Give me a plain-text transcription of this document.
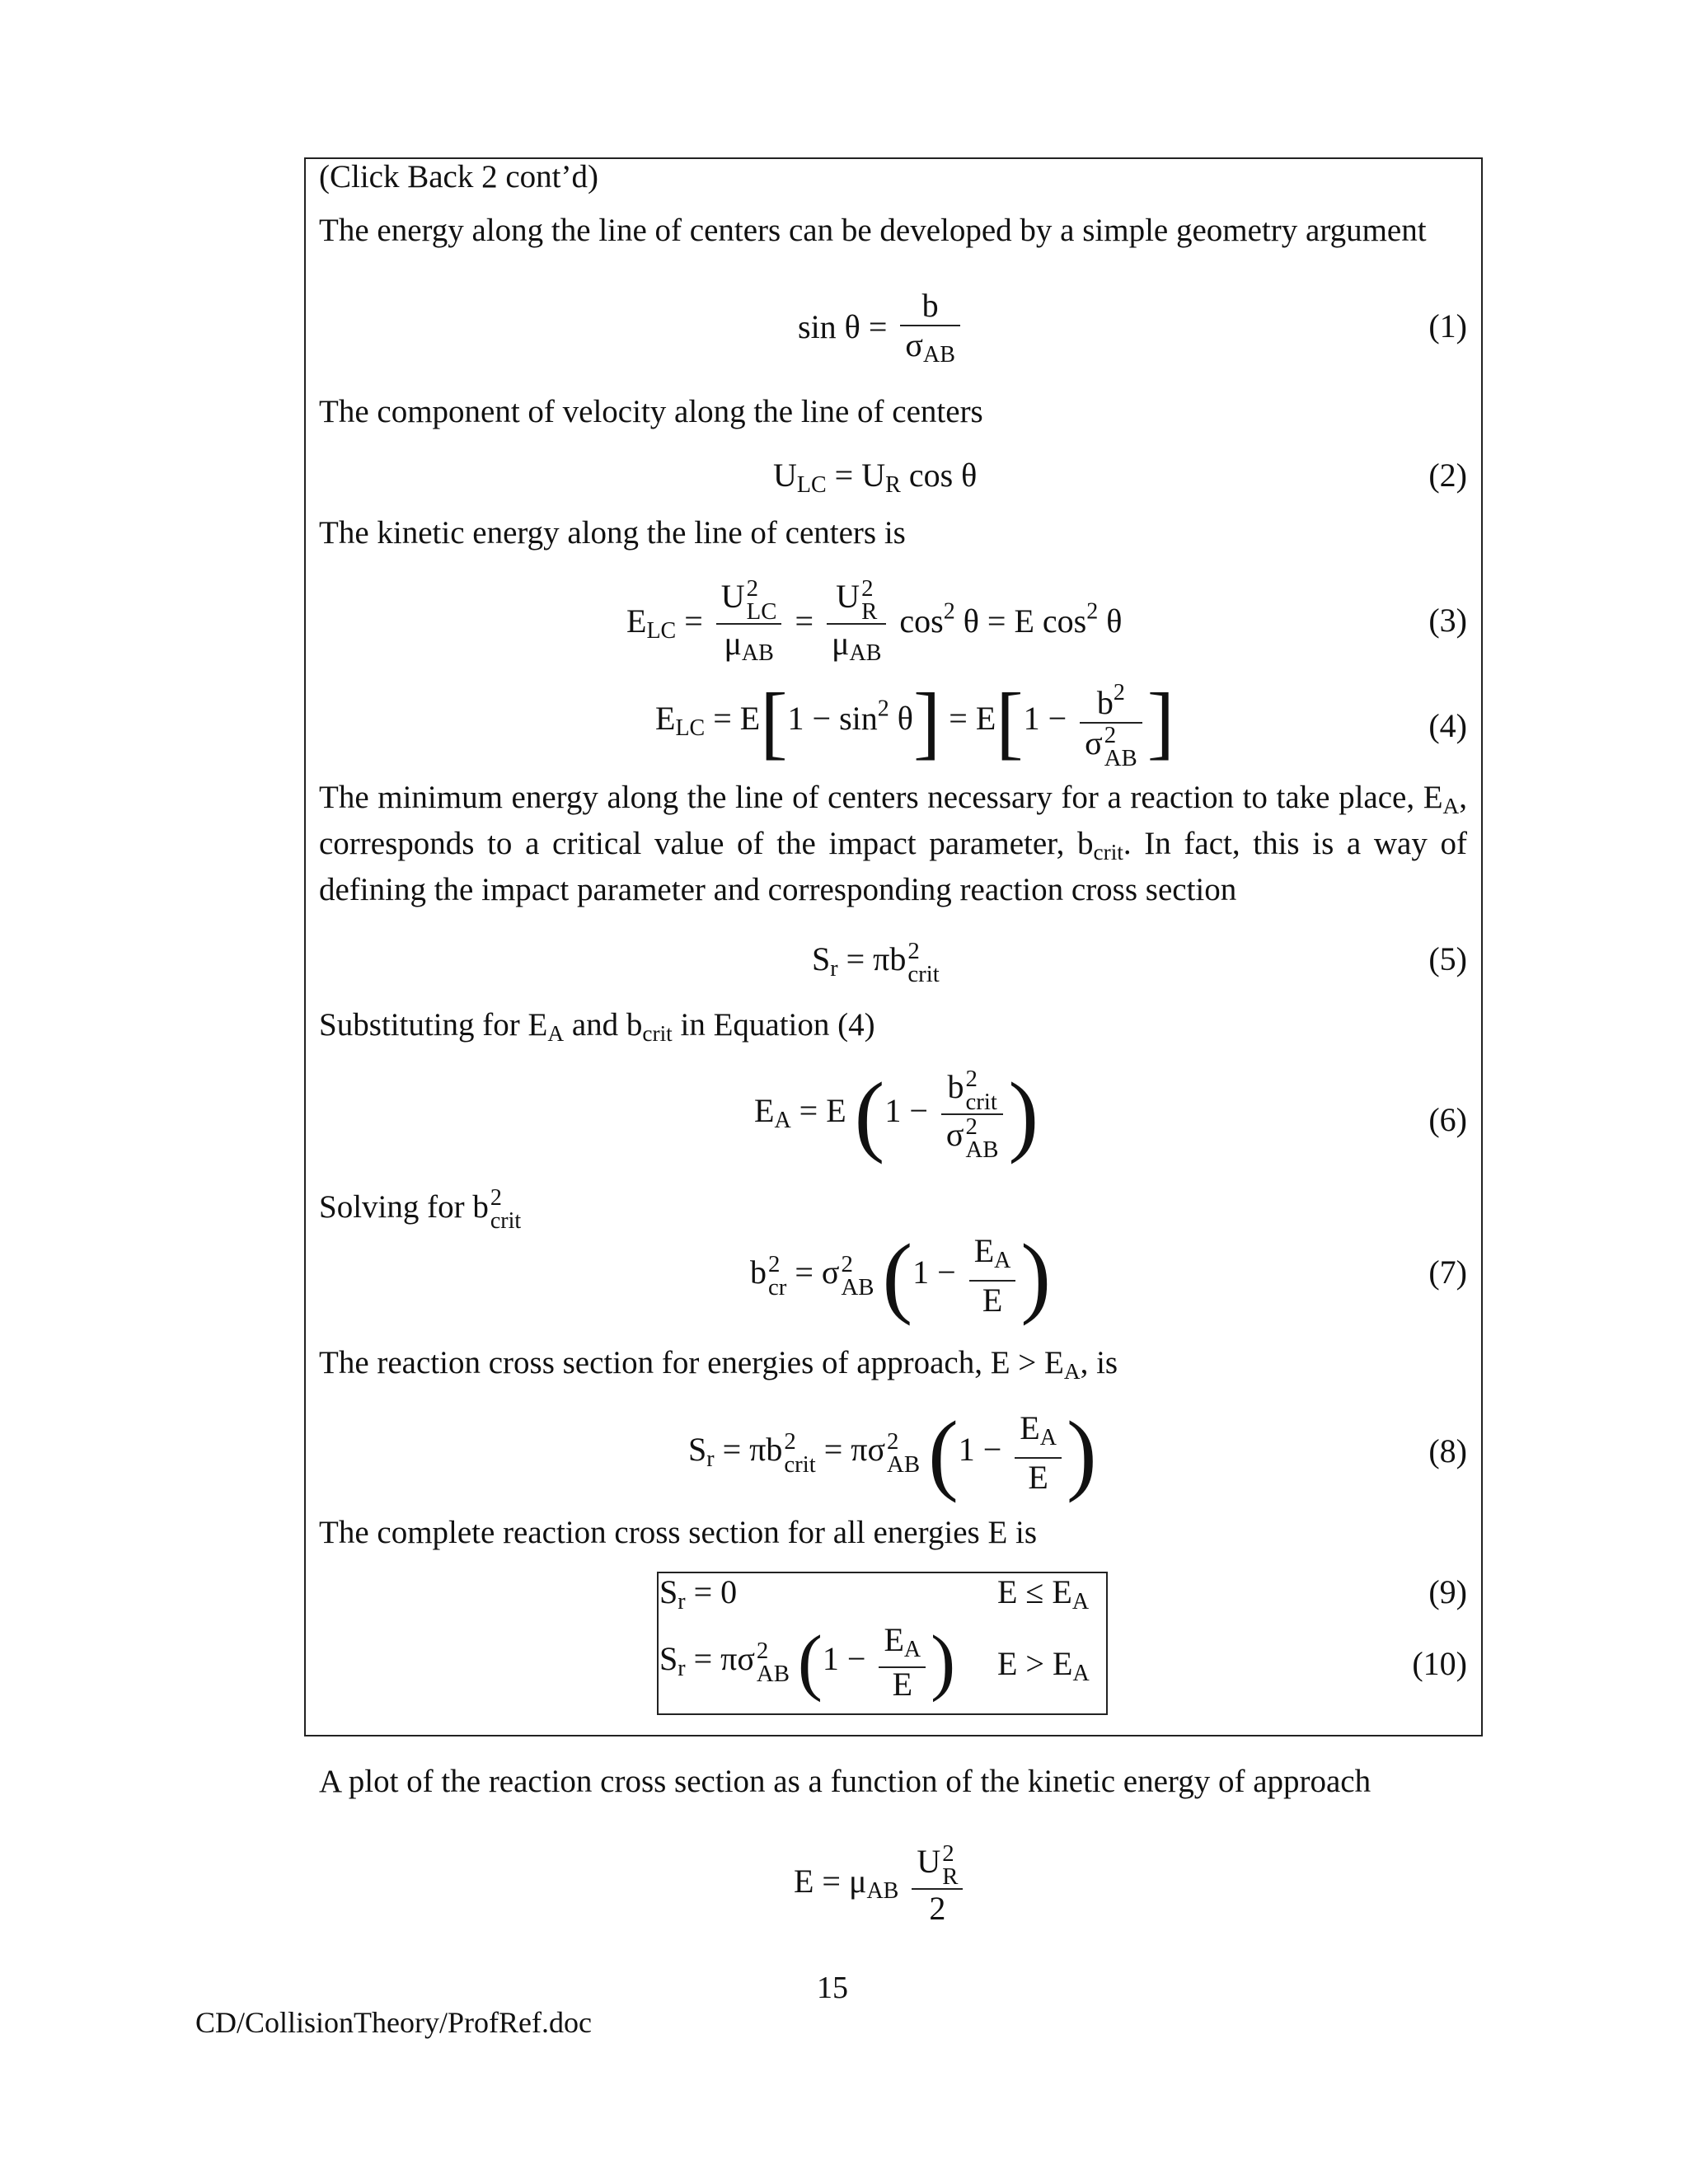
(Click Back 2 cont’d)
The energy along the line of centers can be developed by a simple geometry argument
$\sin \theta = \frac{b}{\sigma_{AB}}$	(1)
The component of velocity along the line of centers
$U_{LC} = U_R$ cos θ	(2)
The kinetic energy along the line of centers is
$E_{LC}$ =
U2
LC
$\mu_{AB}$
=
U2
R
$\mu_{AB}$
$\cos^2 \theta = E$ $\cos^2 \theta$	(3)
$E_{LC} = E[1 - \sin^2 \theta] = E[1 - b^2$
σ2
AB ]	(4)
The minimum energy along the line of centers necessary for a reaction to take place, $E_A$, corresponds to a critical value of the impact parameter, $b_{crit}$. In fact, this is a way of defining the impact parameter and corresponding reaction cross section
$S_r = \pi b2$
crit	(5)
Substituting for $E_A$ and $b_{crit}$ in Equation (4)
$E_A = E$ (1 −
b2
crit
σ2
AB )	(6)
Solving for b2
crit
b2
cr = σ2
AB ($1 - \frac{E_A}{E}$ )	(7)
The reaction cross section for energies of approach, $E > E_A$, is
$S_r = \pi b2$
crit = πσ2
AB ($1 - \frac{E_A}{E}$ )	(8)
The complete reaction cross section for all energies E is
$S_r = 0$	$E \le E_A$	(9)
$S_r = \pi\sigma 2$
AB ($1 - \frac{E_A}{E}$ ) $E > E_A$	(10)
A plot of the reaction cross section as a function of the kinetic energy of approach
$E = \mu_{AB}$
U2
R
2
15
CD/CollisionTheory/ProfRef.doc
